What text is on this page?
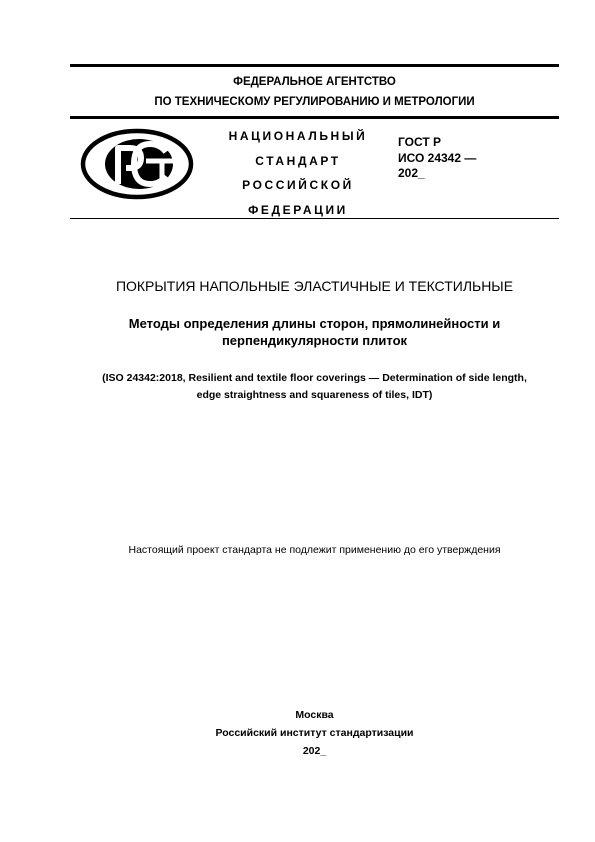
ФЕДЕРАЛЬНОЕ АГЕНТСТВО
ПО ТЕХНИЧЕСКОМУ РЕГУЛИРОВАНИЮ И МЕТРОЛОГИИ
НАЦИОНАЛЬНЫЙ
СТАНДАРТ
РОССИЙСКОЙ
ФЕДЕРАЦИИ
ГОСТ Р
ИСО 24342 —
202_
ПОКРЫТИЯ НАПОЛЬНЫЕ ЭЛАСТИЧНЫЕ И ТЕКСТИЛЬНЫЕ
Методы определения длины сторон, прямолинейности и
перпендикулярности плиток
(ISO 24342:2018, Resilient and textile floor coverings — Determination of side length,
edge straightness and squareness of tiles, IDT)
Настоящий проект стандарта не подлежит применению до его утверждения
Москва
Российский институт стандартизации
202_
